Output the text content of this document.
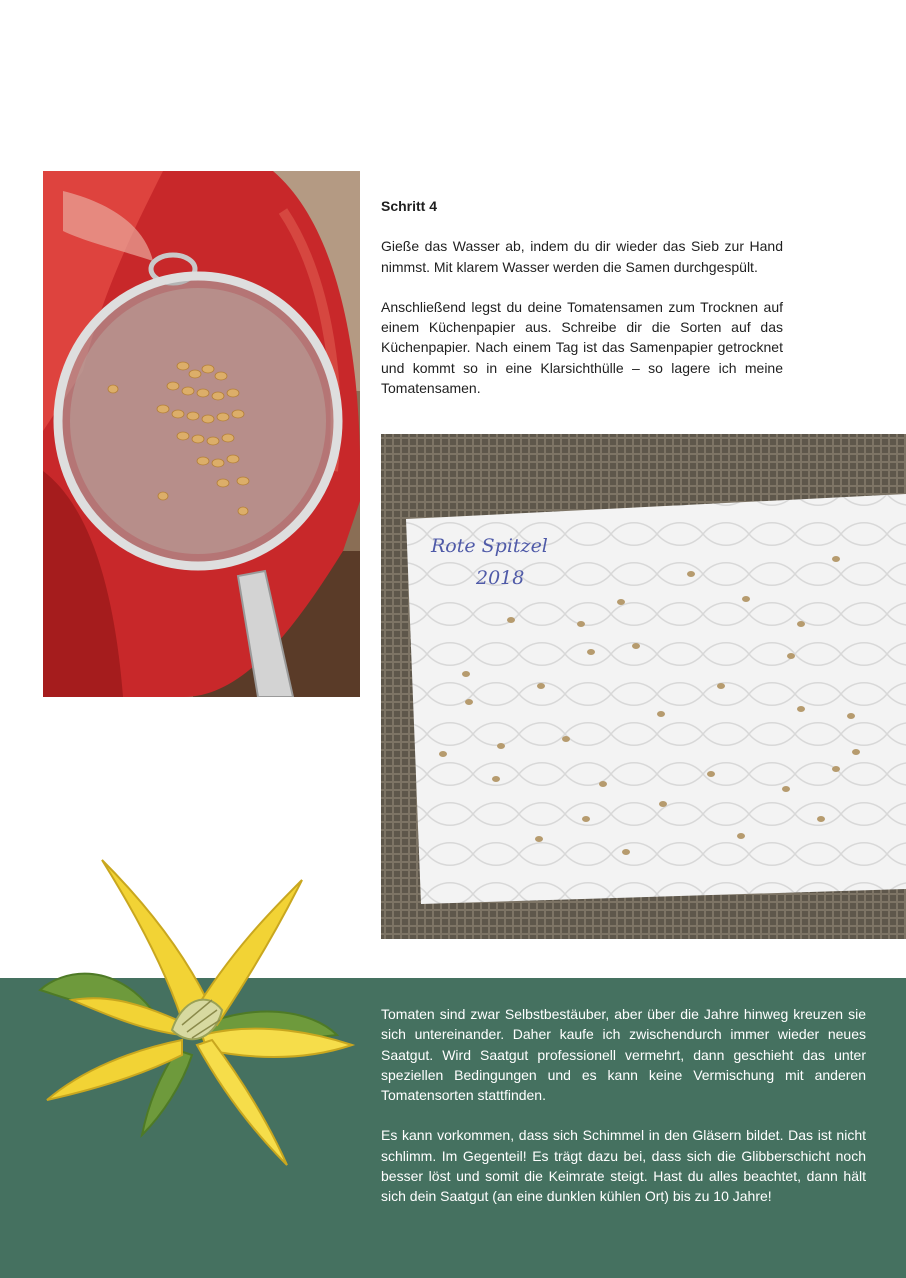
Schritt 4

Gieße das Wasser ab, indem du dir wieder das Sieb zur Hand nimmst. Mit klarem Wasser werden die Samen durchgespült.

Anschließend legst du deine Tomatensamen zum Trocknen auf einem Küchenpapier aus. Schreibe dir die Sorten auf das Küchenpapier. Nach einem Tag ist das Samenpapier getrocknet und kommt so in eine Klarsichthülle – so lagere ich meine Tomatensamen.

Rote Spitzel
2018

Tomaten sind zwar Selbstbestäuber, aber über die Jahre hinweg kreuzen sie sich untereinander. Daher kaufe ich zwischendurch immer wieder neues Saatgut. Wird Saatgut professionell vermehrt, dann geschieht das unter speziellen Bedingungen und es kann keine Vermischung mit anderen Tomatensorten stattfinden.

Es kann vorkommen, dass sich Schimmel in den Gläsern bildet. Das ist nicht schlimm. Im Gegenteil! Es trägt dazu bei, dass sich die Glibberschicht noch besser löst und somit die Keimrate steigt. Hast du alles beachtet, dann hält sich dein Saatgut (an eine dunklen kühlen Ort) bis zu 10 Jahre!
